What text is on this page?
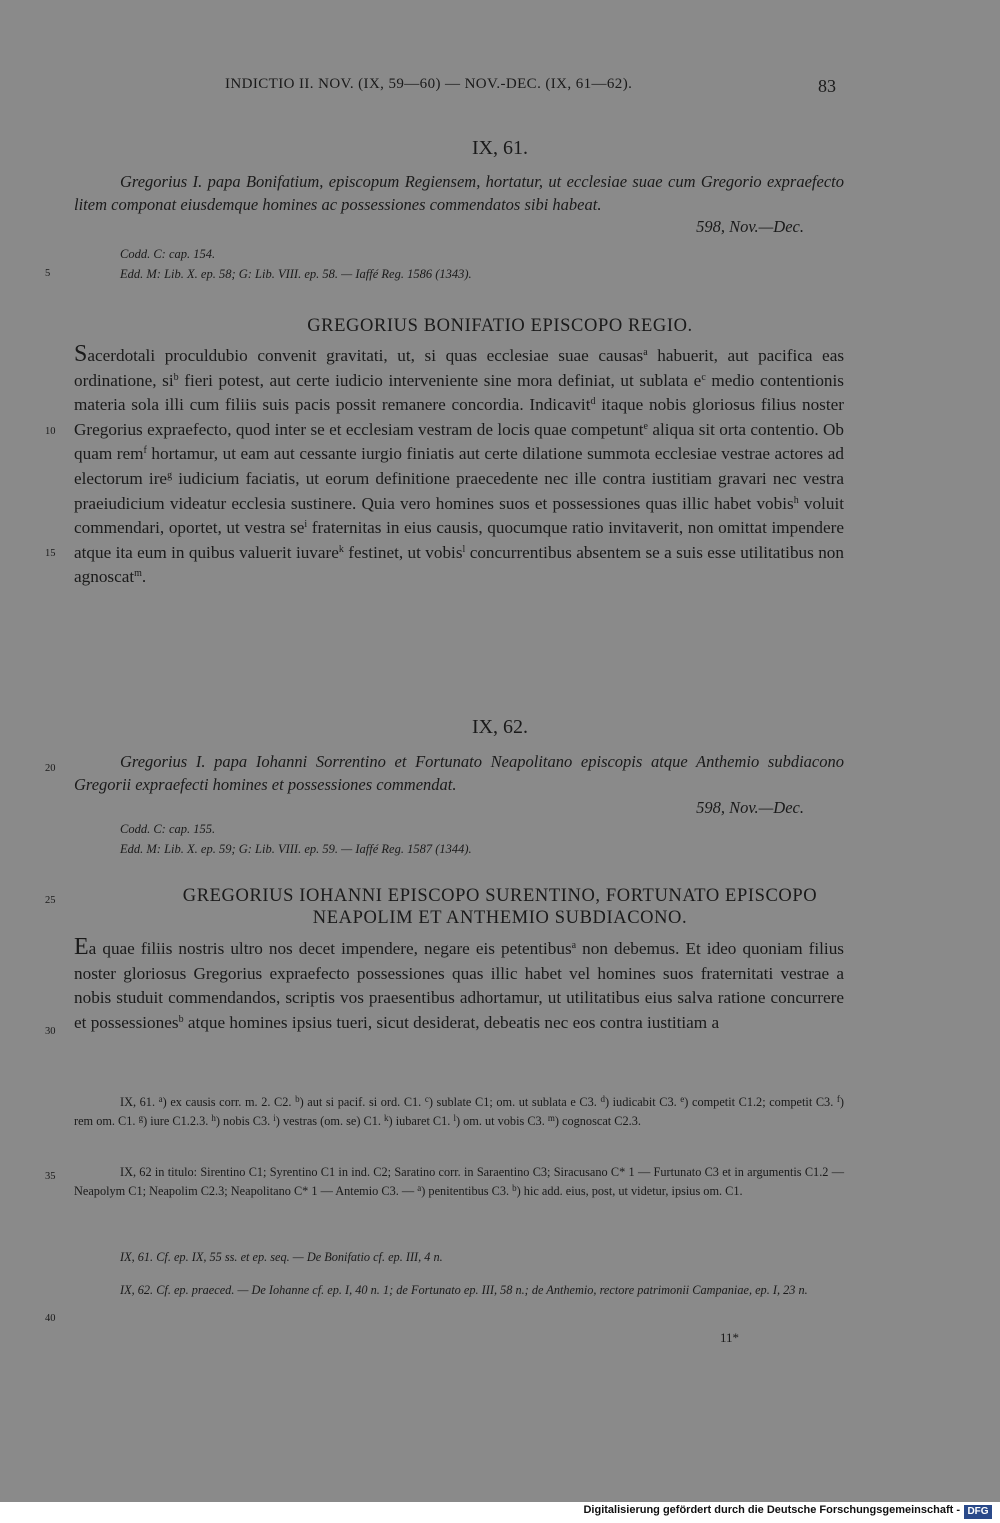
INDICTIO II. NOV. (IX, 59—60) — NOV.-DEC. (IX, 61—62).	83
IX, 61.
Gregorius I. papa Bonifatium, episcopum Regiensem, hortatur, ut ecclesiae suae cum Gregorio expraefecto litem componat eiusdemque homines ac possessiones commendatos sibi habeat.
598, Nov.—Dec.
Codd. C: cap. 154.
Edd. M: Lib. X. ep. 58; G: Lib. VIII. ep. 58. — Iaffé Reg. 1586 (1343).
GREGORIUS BONIFATIO EPISCOPO REGIO.
Sacerdotali proculdubio convenit gravitati, ut, si quas ecclesiae suae causas$^a$ habuerit, aut pacifica eas ordinatione, $si^b$ fieri potest, aut certe iudicio interveniente sine mora definiat, ut sublata $e^c$ medio contentionis materia sola illi cum filiis suis pacis possit remanere concordia. Indicavit$^d$ itaque nobis gloriosus filius noster Gregorius expraefecto, quod inter se et ecclesiam vestram de locis quae competunt$^e$ aliqua sit orta contentio. Ob quam rem$^f$ hortamur, ut eam aut cessante iurgio finiatis aut certe dilatione summota ecclesiae vestrae actores ad electorum ire$^g$ iudicium faciatis, ut eorum definitione praecedente nec ille contra iustitiam gravari nec vestra praeiudicium videatur ecclesia sustinere. Quia vero homines suos et possessiones quas illic habet vobis$^h$ voluit commendari, oportet, ut vestra $se^i$ fraternitas in eius causis, quocumque ratio invitaverit, non omittat impendere atque ita eum in quibus valuerit iuvare$^k$ festinet, ut vobis$^l$ concurrentibus absentem se a suis esse utilitatibus non agnoscat$^m$.
IX, 62.
Gregorius I. papa Iohanni Sorrentino et Fortunato Neapolitano episcopis atque Anthemio subdiacono Gregorii expraefecti homines et possessiones commendat.
598, Nov.—Dec.
Codd. C: cap. 155.
Edd. M: Lib. X. ep. 59; G: Lib. VIII. ep. 59. — Iaffé Reg. 1587 (1344).
GREGORIUS IOHANNI EPISCOPO SURENTINO, FORTUNATO EPISCOPO
NEAPOLIM ET ANTHEMIO SUBDIACONO.
Ea quae filiis nostris ultro nos decet impendere, negare eis petentibus$^a$ non debemus. Et ideo quoniam filius noster gloriosus Gregorius expraefecto possessiones quas illic habet vel homines suos fraternitati vestrae a nobis studuit commendandos, scriptis vos praesentibus adhortamur, ut utilitatibus eius salva ratione concurrere et possessiones$^b$ atque homines ipsius tueri, sicut desiderat, debeatis nec eos contra iustitiam a
IX, 61. $^a$) ex causis corr. m. 2. C2. $^b$) aut si pacif. si ord. C1. $^c$) sublate C1; om. ut sublata e C3. $^d$) iudicabit C3. $^e$) competit C1.2; competit C3. $^f$) rem om. C1. $^g$) iure C1.2.3. $^h$) nobis C3. $^i$) vestras (om. se) C1. $^k$) iubaret C1. $^l$) om. ut vobis C3. $^m$) cognoscat C2.3.
IX, 62 in titulo: Sirentino C1; Syrentino C1 in ind. C2; Saratino corr. in Saraentino C3; Siracusano C* 1 — Furtunato C3 et in argumentis C1.2 — Neapolym C1; Neapolim C2.3; Neapolitano C* 1 — Antemio C3. — $^a$) penitentibus C3. $^b$) hic add. eius, post, ut videtur, ipsius om. C1.
IX, 61. Cf. ep. IX, 55 ss. et ep. seq. — De Bonifatio cf. ep. III, 4 n.
IX, 62. Cf. ep. praeced. — De Iohanne cf. ep. I, 40 n. 1; de Fortunato ep. III, 58 n.; de Anthemio, rectore patrimonii Campaniae, ep. I, 23 n.
11*
5
10
15
20
25
30
35
40
Digitalisierung gefördert durch die Deutsche Forschungsgemeinschaft - DFG
